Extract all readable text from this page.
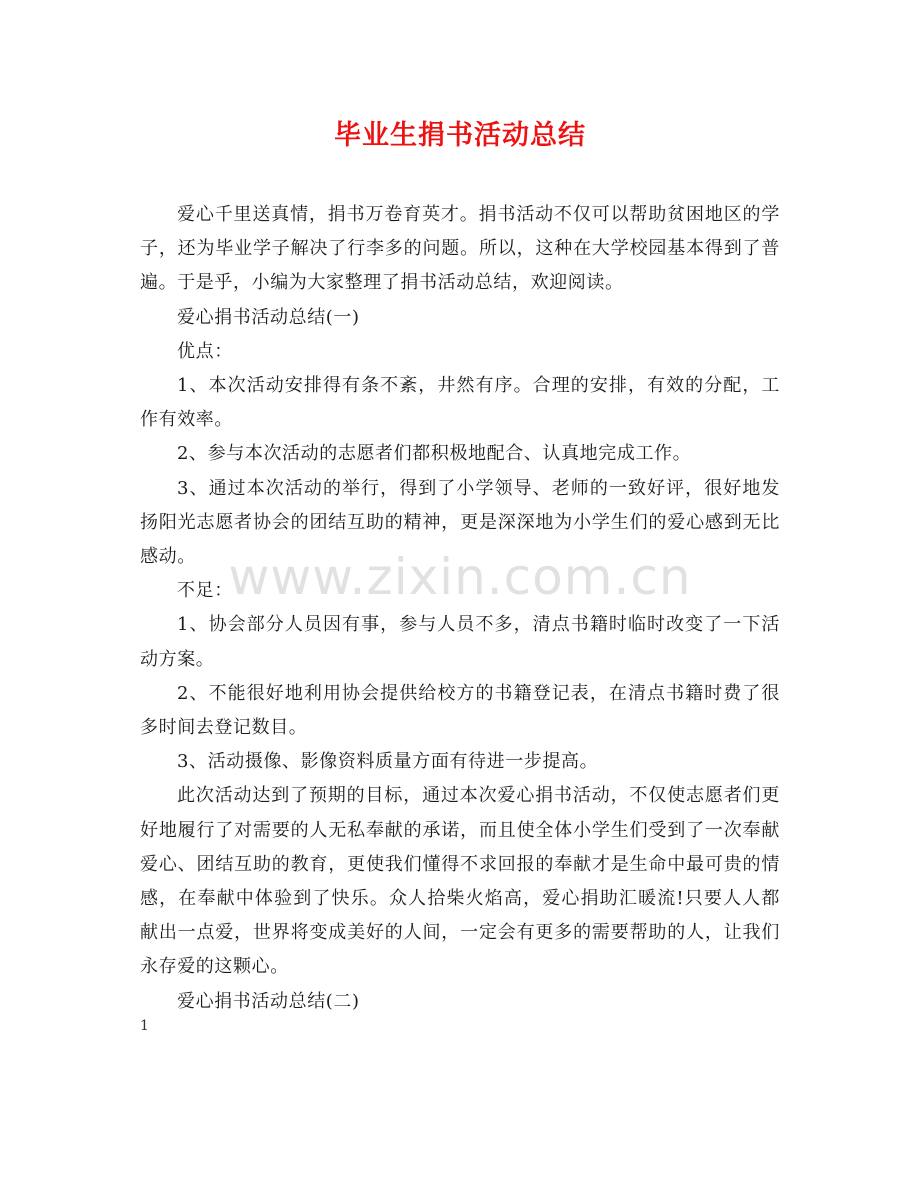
毕业生捐书活动总结

爱心千里送真情，捐书万卷育英才。捐书活动不仅可以帮助贫困地区的学子，还为毕业学子解决了行李多的问题。所以，这种在大学校园基本得到了普遍。于是乎，小编为大家整理了捐书活动总结，欢迎阅读。

爱心捐书活动总结(一)

优点：

1、本次活动安排得有条不紊，井然有序。合理的安排，有效的分配，工作有效率。

2、参与本次活动的志愿者们都积极地配合、认真地完成工作。

3、通过本次活动的举行，得到了小学领导、老师的一致好评，很好地发扬阳光志愿者协会的团结互助的精神，更是深深地为小学生们的爱心感到无比感动。

不足：

1、协会部分人员因有事，参与人员不多，清点书籍时临时改变了一下活动方案。

2、不能很好地利用协会提供给校方的书籍登记表，在清点书籍时费了很多时间去登记数目。

3、活动摄像、影像资料质量方面有待进一步提高。

此次活动达到了预期的目标，通过本次爱心捐书活动，不仅使志愿者们更好地履行了对需要的人无私奉献的承诺，而且使全体小学生们受到了一次奉献爱心、团结互助的教育，更使我们懂得不求回报的奉献才是生命中最可贵的情感，在奉献中体验到了快乐。众人拾柴火焰高，爱心捐助汇暖流!只要人人都献出一点爱，世界将变成美好的人间，一定会有更多的需要帮助的人，让我们永存爱的这颗心。

爱心捐书活动总结(二)

www.zixin.com.cn
1
